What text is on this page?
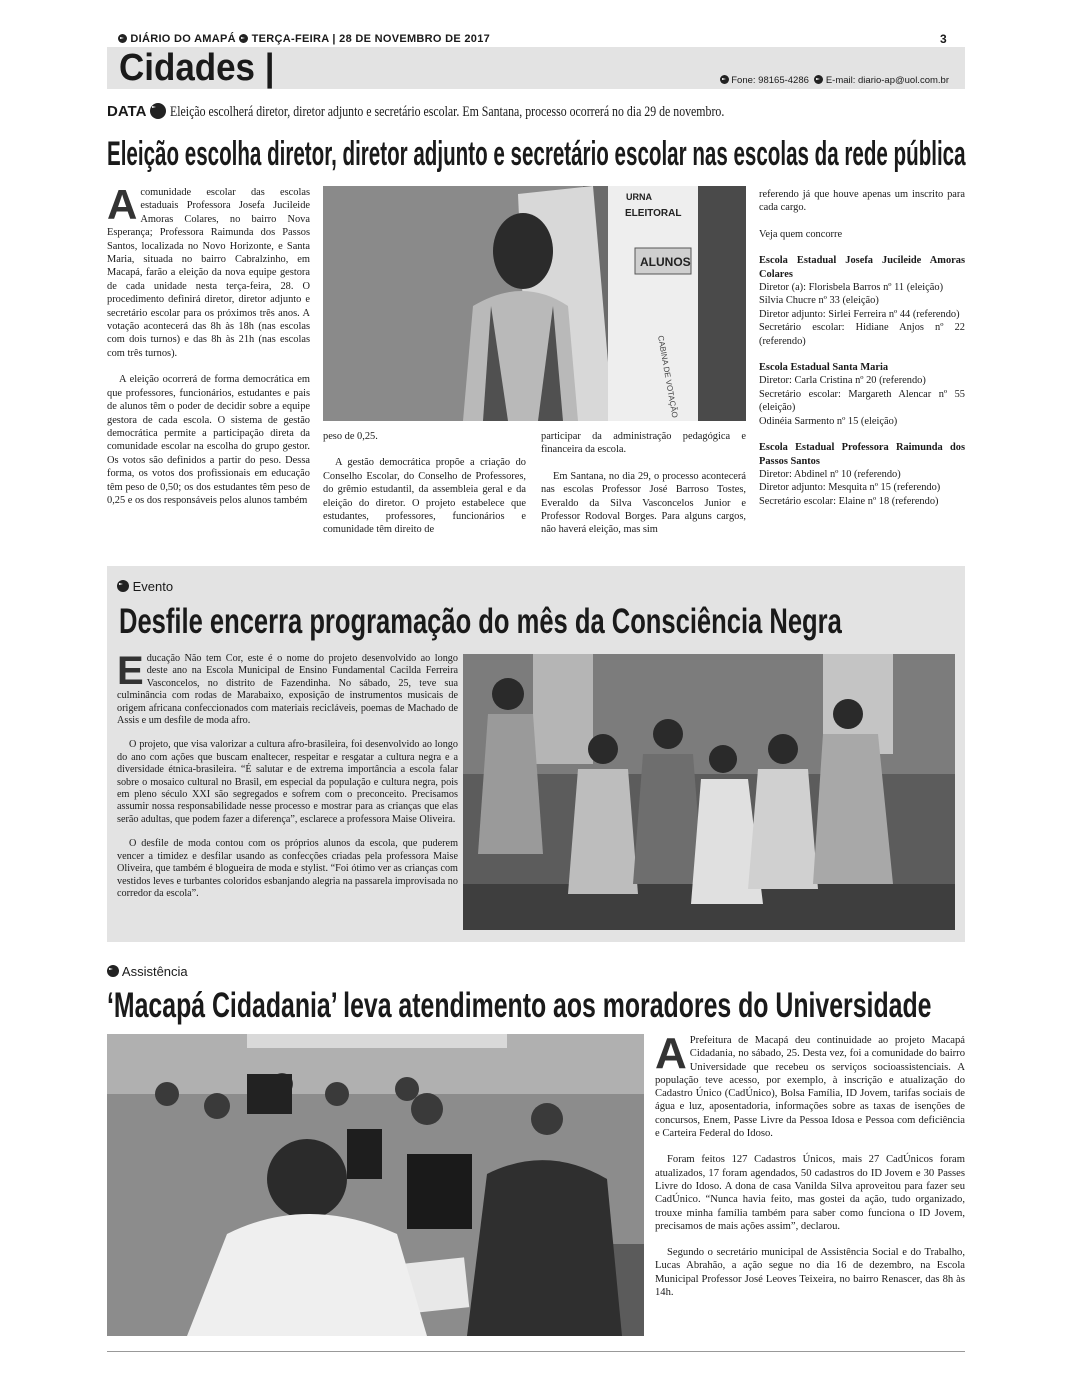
DIÁRIO DO AMAPÁ TERÇA-FEIRA | 28 DE NOVEMBRO DE 2017	3
Cidades |	Fone: 98165-4286 E-mail: diario-ap@uol.com.br
DATA Eleição escolherá diretor, diretor adjunto e secretário escolar. Em Santana, processo ocorrerá no dia 29 de novembro.
Eleição escolha diretor, diretor adjunto e secretário escolar nas escolas da rede pública

Acomunidade escolar das escolas estaduais Professora Josefa Jucileide Amoras Colares, no bairro Nova Esperança; Professora Raimunda dos Passos Santos, localizada no Novo Horizonte, e Santa Maria, situada no bairro Cabralzinho, em Macapá, farão a eleição da nova equipe gestora de cada unidade nesta terça-feira, 28. O procedimento definirá diretor, diretor adjunto e secretário escolar para os próximos três anos. A votação acontecerá das 8h às 18h (nas escolas com dois turnos) e das 8h às 21h (nas escolas com três turnos).

A eleição ocorrerá de forma democrática em que professores, funcionários, estudantes e pais de alunos têm o poder de decidir sobre a equipe gestora de cada escola. O sistema de gestão democrática permite a participação direta da comunidade escolar na escolha do grupo gestor. Os votos são definidos a partir do peso. Dessa forma, os votos dos profissionais em educação têm peso de 0,50; os dos estudantes têm peso de 0,25 e os dos responsáveis pelos alunos também

URNA
ELEITORAL
ALUNOS
CABINA DE VOTAÇÃO

peso de 0,25.

A gestão democrática propõe a criação do Conselho Escolar, do Conselho de Professores, do grêmio estudantil, da assembleia geral e da eleição do diretor. O projeto estabelece que estudantes, professores, funcionários e comunidade têm direito de

participar da administração pedagógica e financeira da escola.

Em Santana, no dia 29, o processo acontecerá nas escolas Professor José Barroso Tostes, Everaldo da Silva Vasconcelos Junior e Professor Rodoval Borges. Para alguns cargos, não haverá eleição, mas sim

referendo já que houve apenas um inscrito para cada cargo.

Veja quem concorre

Escola Estadual Josefa Jucileide Amoras Colares

Diretor (a): Florisbela Barros nº 11 (eleição)

Silvia Chucre nº 33 (eleição)

Diretor adjunto: Sirlei Ferreira nº 44 (referendo)

Secretário escolar: Hidiane Anjos nº 22 (referendo)

Escola Estadual Santa Maria

Diretor: Carla Cristina nº 20 (referendo)

Secretário escolar: Margareth Alencar nº 55 (eleição)

Odinéia Sarmento nº 15 (eleição)

Escola Estadual Professora Raimunda dos Passos Santos

Diretor: Abdinel nº 10 (referendo)

Diretor adjunto: Mesquita nº 15 (referendo)

Secretário escolar: Elaine nº 18 (referendo)

Evento
Desfile encerra programação do mês da Consciência Negra

Educação Não tem Cor, este é o nome do projeto desenvolvido ao longo deste ano na Escola Municipal de Ensino Fundamental Cacilda Ferreira Vasconcelos, no distrito de Fazendinha. No sábado, 25, teve sua culminância com rodas de Marabaixo, exposição de instrumentos musicais de origem africana confeccionados com materiais recicláveis, poemas de Machado de Assis e um desfile de moda afro.

O projeto, que visa valorizar a cultura afro-brasileira, foi desenvolvido ao longo do ano com ações que buscam enaltecer, respeitar e resgatar a cultura negra e a diversidade étnica-brasileira. “É salutar e de extrema importância a escola falar sobre o mosaico cultural no Brasil, em especial da população e cultura negra, pois em pleno século XXI são segregados e sofrem com o preconceito. Precisamos assumir nossa responsabilidade nesse processo e mostrar para as crianças que elas serão adultas, que podem fazer a diferença”, esclarece a professora Maise Oliveira.

O desfile de moda contou com os próprios alunos da escola, que puderem vencer a timidez e desfilar usando as confecções criadas pela professora Maise Oliveira, que também é blogueira de moda e stylist. “Foi ótimo ver as crianças com vestidos leves e turbantes coloridos esbanjando alegria na passarela improvisada no corredor da escola”.

Assistência
‘Macapá Cidadania’ leva atendimento aos moradores do Universidade

A Prefeitura de Macapá deu continuidade ao projeto Macapá Cidadania, no sábado, 25. Desta vez, foi a comunidade do bairro Universidade que recebeu os serviços socioassistenciais. A população teve acesso, por exemplo, à inscrição e atualização do Cadastro Único (CadÚnico), Bolsa Família, ID Jovem, tarifas sociais de água e luz, aposentadoria, informações sobre as taxas de isenções de concursos, Enem, Passe Livre da Pessoa Idosa e Pessoa com deficiência e Carteira Federal do Idoso.

Foram feitos 127 Cadastros Únicos, mais 27 CadÚnicos foram atualizados, 17 foram agendados, 50 cadastros do ID Jovem e 30 Passes Livre do Idoso. A dona de casa Vanilda Silva aproveitou para fazer seu CadÚnico. “Nunca havia feito, mas gostei da ação, tudo organizado, trouxe minha família também para saber como funciona o ID Jovem, precisamos de mais ações assim”, declarou.

Segundo o secretário municipal de Assistência Social e do Trabalho, Lucas Abrahão, a ação segue no dia 16 de dezembro, na Escola Municipal Professor José Leoves Teixeira, no bairro Renascer, das 8h às 14h.
